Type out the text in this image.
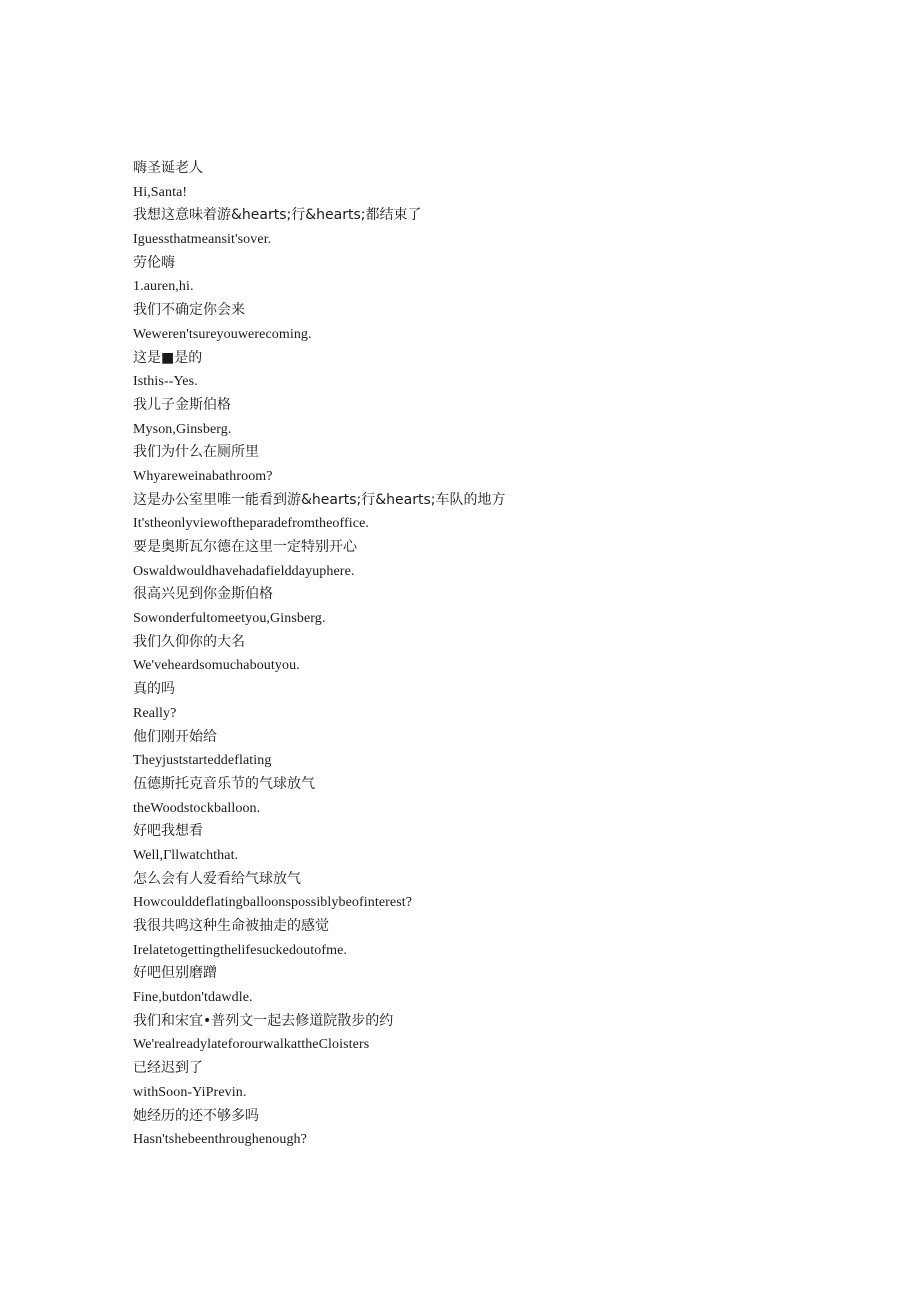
嗨圣诞老人
Hi,Santa!
我想这意味着游&hearts;行&hearts;都结束了
Iguessthatmeansit'sover.
劳伦嗨
1.auren,hi.
我们不确定你会来
Weweren'tsureyouwerecoming.
这是■是的
Isthis--Yes.
我儿子金斯伯格
Myson,Ginsberg.
我们为什么在厕所里
Whyareweinabathroom?
这是办公室里唯一能看到游&hearts;行&hearts;车队的地方
It'stheonlyviewoftheparadefromtheoffice.
要是奥斯瓦尔德在这里一定特别开心
Oswaldwouldhavehadafielddayuphere.
很高兴见到你金斯伯格
Sowonderfultomeetyou,Ginsberg.
我们久仰你的大名
We'veheardsomuchaboutyou.
真的吗
Really?
他们刚开始给
Theyjuststarteddeflating
伍德斯托克音乐节的气球放气
theWoodstockballoon.
好吧我想看
Well,Γllwatchthat.
怎么会有人爱看给气球放气
Howcoulddeflatingballoonspossiblybeofinterest?
我很共鸣这种生命被抽走的感觉
Irelatetogettingthelifesuckedoutofme.
好吧但别磨蹭
Fine,butdon'tdawdle.
我们和宋宜•普列文一起去修道院散步的约
We'realreadylateforourwalkattheCloisters
已经迟到了
withSoon-YiPrevin.
她经历的还不够多吗
Hasn'tshebeenthroughenough?
